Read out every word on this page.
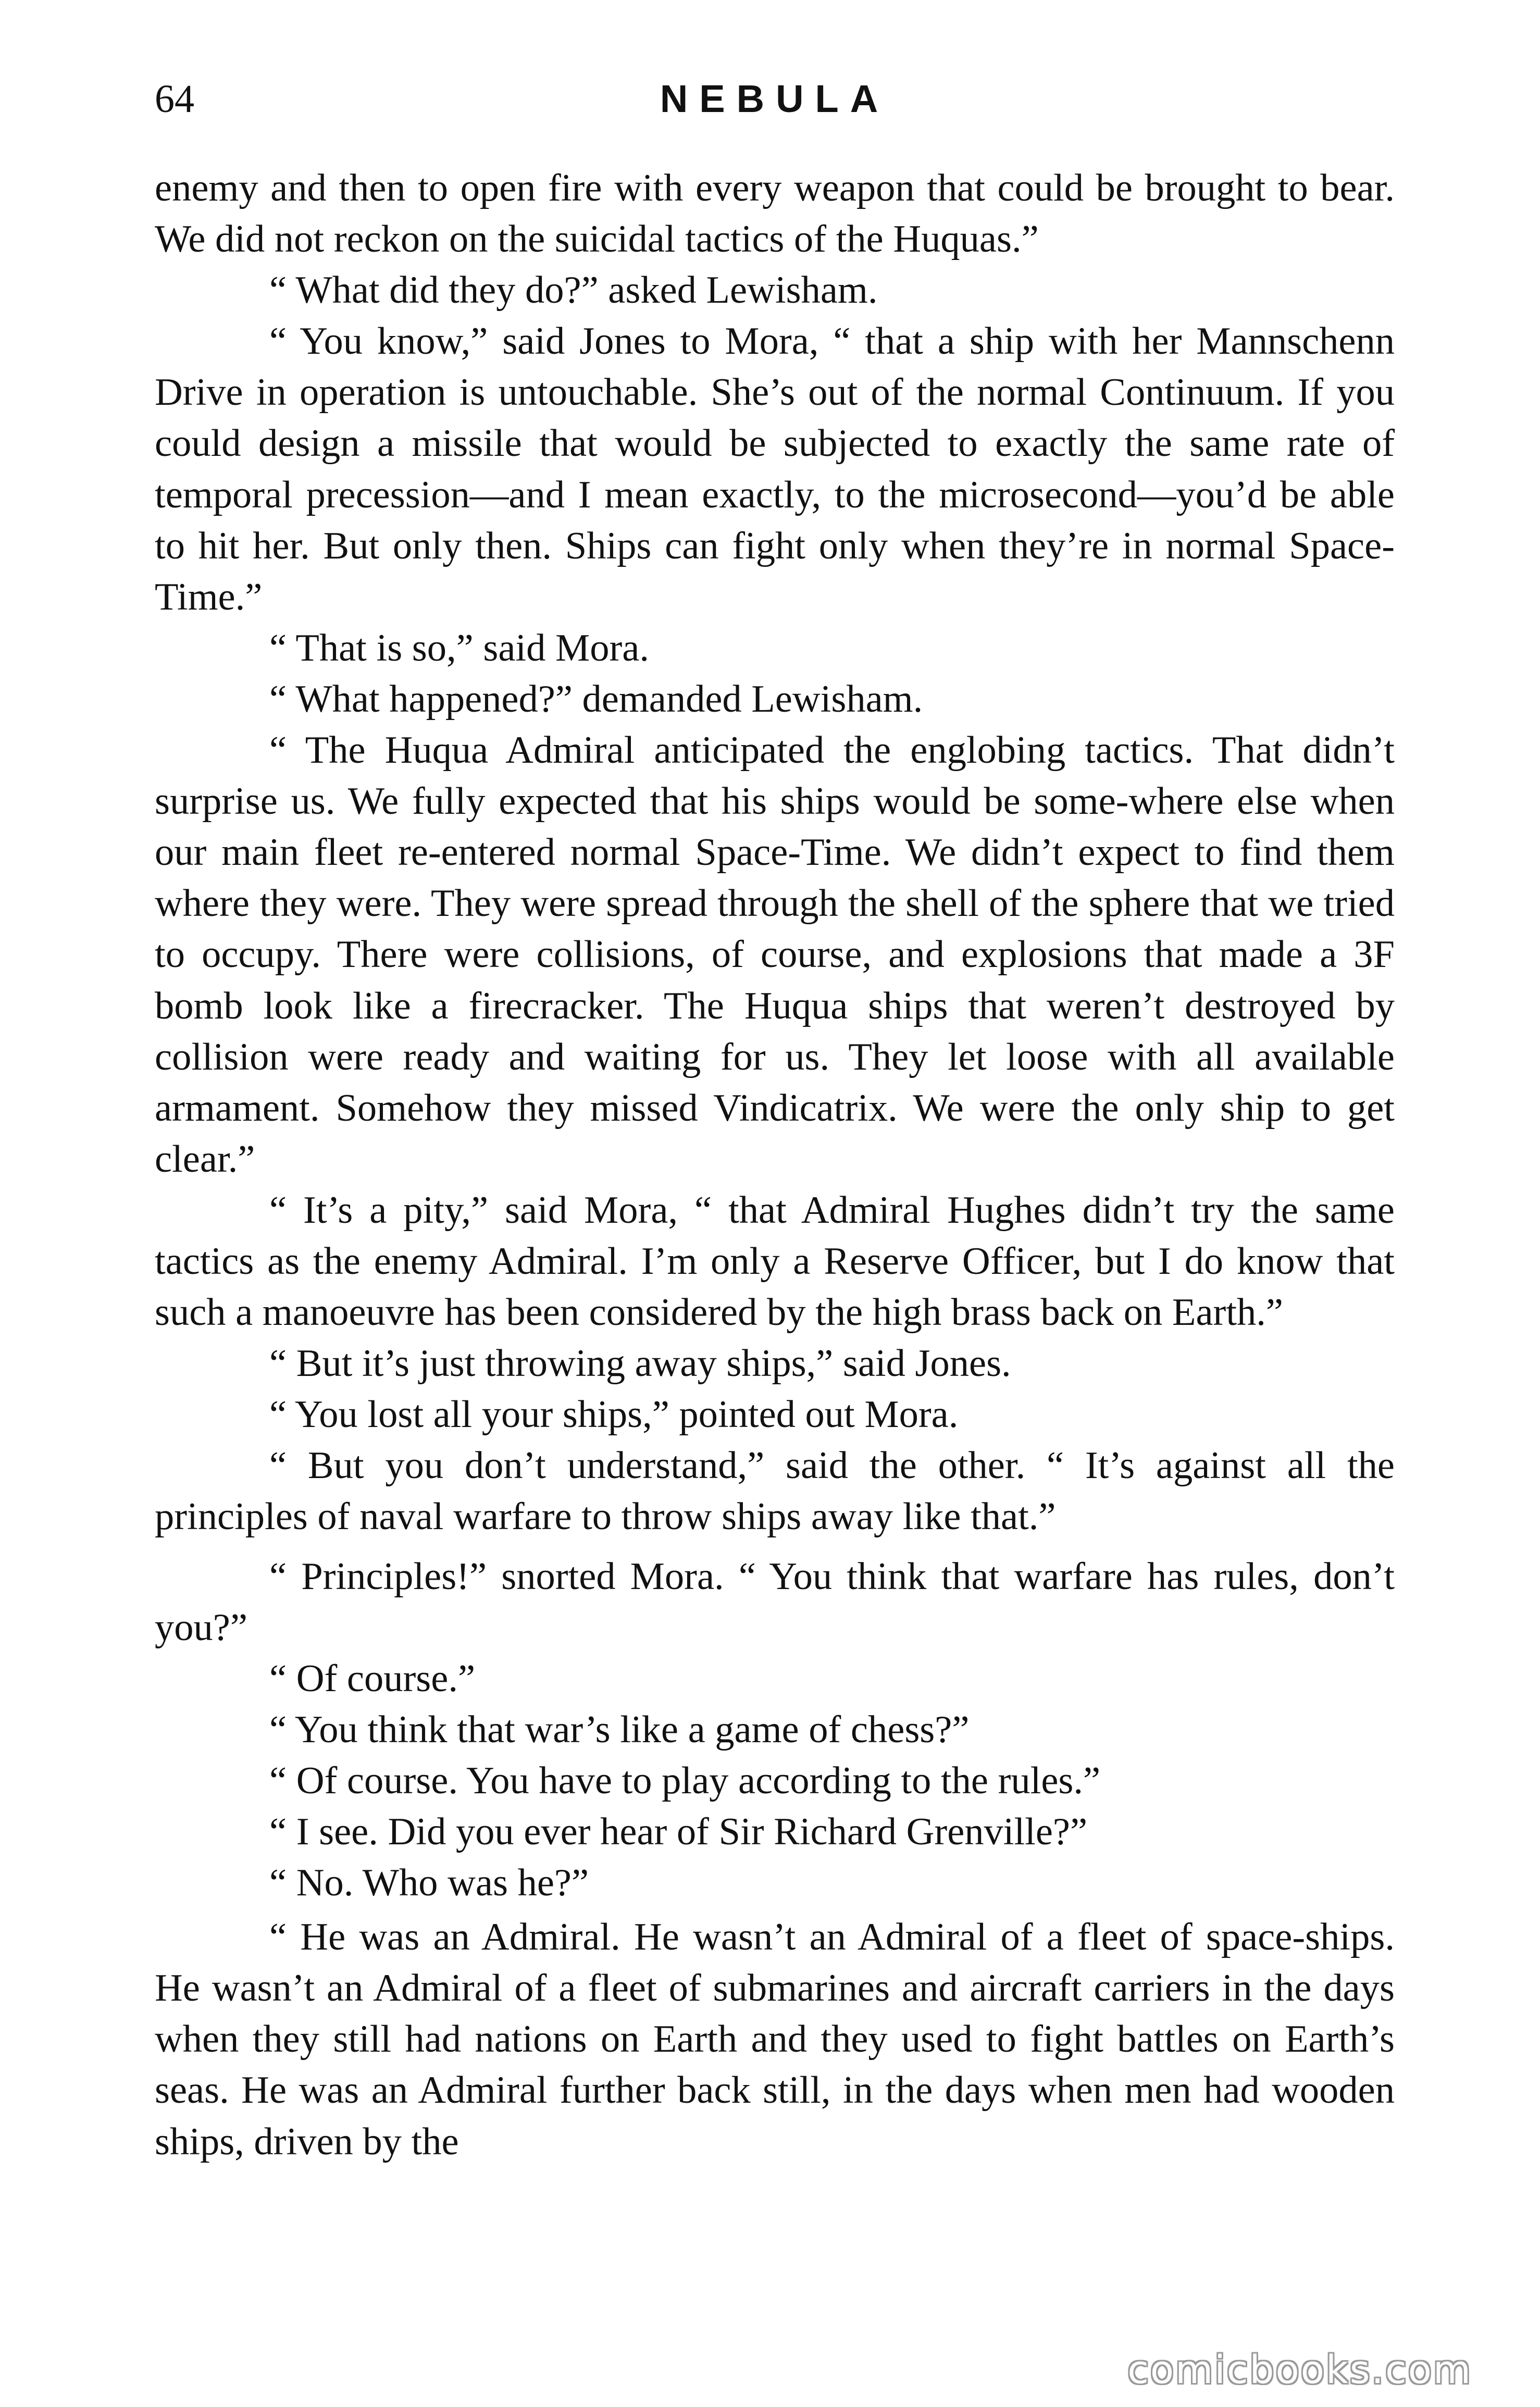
64	NEBULA

enemy and then to open fire with every weapon that could be brought to bear. We did not reckon on the suicidal tactics of the Huquas.”

“ What did they do?” asked Lewisham.

“ You know,” said Jones to Mora, “ that a ship with her Mannschenn Drive in operation is untouchable. She’s out of the normal Continuum. If you could design a missile that would be subjected to exactly the same rate of temporal precession—and I mean exactly, to the microsecond—you’d be able to hit her. But only then. Ships can fight only when they’re in normal Space-Time.”

“ That is so,” said Mora.

“ What happened?” demanded Lewisham.

“ The Huqua Admiral anticipated the englobing tactics. That didn’t surprise us. We fully expected that his ships would be some-where else when our main fleet re-entered normal Space-Time. We didn’t expect to find them where they were. They were spread through the shell of the sphere that we tried to occupy. There were collisions, of course, and explosions that made a 3F bomb look like a firecracker. The Huqua ships that weren’t destroyed by collision were ready and waiting for us. They let loose with all available armament. Somehow they missed Vindicatrix. We were the only ship to get clear.”

“ It’s a pity,” said Mora, “ that Admiral Hughes didn’t try the same tactics as the enemy Admiral. I’m only a Reserve Officer, but I do know that such a manoeuvre has been considered by the high brass back on Earth.”

“ But it’s just throwing away ships,” said Jones.

“ You lost all your ships,” pointed out Mora.

“ But you don’t understand,” said the other. “ It’s against all the principles of naval warfare to throw ships away like that.”

“ Principles!” snorted Mora. “ You think that warfare has rules, don’t you?”

“ Of course.”

“ You think that war’s like a game of chess?”

“ Of course. You have to play according to the rules.”

“ I see. Did you ever hear of Sir Richard Grenville?”

“ No. Who was he?”

“ He was an Admiral. He wasn’t an Admiral of a fleet of space-ships. He wasn’t an Admiral of a fleet of submarines and aircraft carriers in the days when they still had nations on Earth and they used to fight battles on Earth’s seas. He was an Admiral further back still, in the days when men had wooden ships, driven by the

comicbooks.com
